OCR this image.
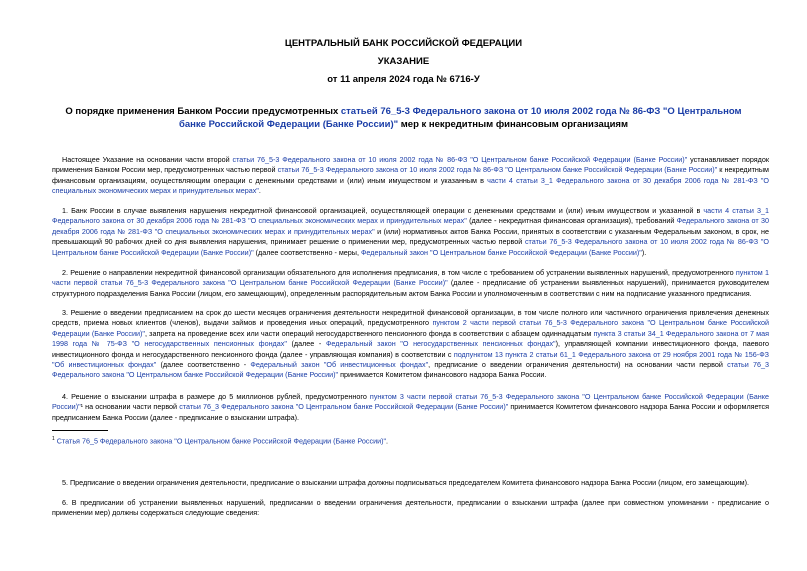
ЦЕНТРАЛЬНЫЙ БАНК РОССИЙСКОЙ ФЕДЕРАЦИИ
УКАЗАНИЕ
от 11 апреля 2024 года № 6716-У
О порядке применения Банком России предусмотренных статьей 76_5-3 Федерального закона от 10 июля 2002 года № 86-ФЗ "О Центральном банке Российской Федерации (Банке России)" мер к некредитным финансовым организациям
Настоящее Указание на основании части второй статьи 76_5-3 Федерального закона от 10 июля 2002 года № 86-ФЗ "О Центральном банке Российской Федерации (Банке России)" устанавливает порядок применения Банком России мер, предусмотренных частью первой статьи 76_5-3 Федерального закона от 10 июля 2002 года № 86-ФЗ "О Центральном банке Российской Федерации (Банке России)" к некредитным финансовым организациям, осуществляющим операции с денежными средствами и (или) иным имуществом и указанным в части 4 статьи 3_1 Федерального закона от 30 декабря 2006 года № 281-ФЗ "О специальных экономических мерах и принудительных мерах".
1. Банк России в случае выявления нарушения некредитной финансовой организацией, осуществляющей операции с денежными средствами и (или) иным имуществом и указанной в части 4 статьи 3_1 Федерального закона от 30 декабря 2006 года № 281-ФЗ "О специальных экономических мерах и принудительных мерах" (далее - некредитная финансовая организация), требований Федерального закона от 30 декабря 2006 года № 281-ФЗ "О специальных экономических мерах и принудительных мерах" и (или) нормативных актов Банка России, принятых в соответствии с указанным Федеральным законом, в срок, не превышающий 90 рабочих дней со дня выявления нарушения, принимает решение о применении мер, предусмотренных частью первой статьи 76_5-3 Федерального закона от 10 июля 2002 года № 86-ФЗ "О Центральном банке Российской Федерации (Банке России)" (далее соответственно - меры, Федеральный закон "О Центральном банке Российской Федерации (Банке России)").
2. Решение о направлении некредитной финансовой организации обязательного для исполнения предписания, в том числе с требованием об устранении выявленных нарушений, предусмотренного пунктом 1 части первой статьи 76_5-3 Федерального закона "О Центральном банке Российской Федерации (Банке России)" (далее - предписание об устранении выявленных нарушений), принимается руководителем структурного подразделения Банка России (лицом, его замещающим), определенным распорядительным актом Банка России и уполномоченным в соответствии с ним на подписание указанного предписания.
3. Решение о введении предписанием на срок до шести месяцев ограничения деятельности некредитной финансовой организации, в том числе полного или частичного ограничения привлечения денежных средств, приема новых клиентов (членов), выдачи займов и проведения иных операций, предусмотренного пунктом 2 части первой статьи 76_5-3 Федерального закона "О Центральном банке Российской Федерации (Банке России)", запрета на проведение всех или части операций негосударственного пенсионного фонда в соответствии с абзацем одиннадцатым пункта 3 статьи 34_1 Федерального закона от 7 мая 1998 года № 75-ФЗ "О негосударственных пенсионных фондах" (далее - Федеральный закон "О негосударственных пенсионных фондах"), управляющей компании инвестиционного фонда, паевого инвестиционного фонда и негосударственного пенсионного фонда (далее - управляющая компания) в соответствии с подпунктом 13 пункта 2 статьи 61_1 Федерального закона от 29 ноября 2001 года № 156-ФЗ "Об инвестиционных фондах" (далее соответственно - Федеральный закон "Об инвестиционных фондах", предписание о введении ограничения деятельности) на основании части первой статьи 76_3 Федерального закона "О Центральном банке Российской Федерации (Банке России)" принимается Комитетом финансового надзора Банка России.
4. Решение о взыскании штрафа в размере до 5 миллионов рублей, предусмотренного пунктом 3 части первой статьи 76_5-3 Федерального закона "О Центральном банке Российской Федерации (Банке России)"¹ на основании части первой статьи 76_3 Федерального закона "О Центральном банке Российской Федерации (Банке России)" принимается Комитетом финансового надзора Банка России и оформляется предписанием Банка России (далее - предписание о взыскании штрафа).
$^1$ Статья 76_5 Федерального закона "О Центральном банке Российской Федерации (Банке России)".
5. Предписание о введении ограничения деятельности, предписание о взыскании штрафа должны подписываться председателем Комитета финансового надзора Банка России (лицом, его замещающим).
6. В предписании об устранении выявленных нарушений, предписании о введении ограничения деятельности, предписании о взыскании штрафа (далее при совместном упоминании - предписание о применении мер) должны содержаться следующие сведения:
